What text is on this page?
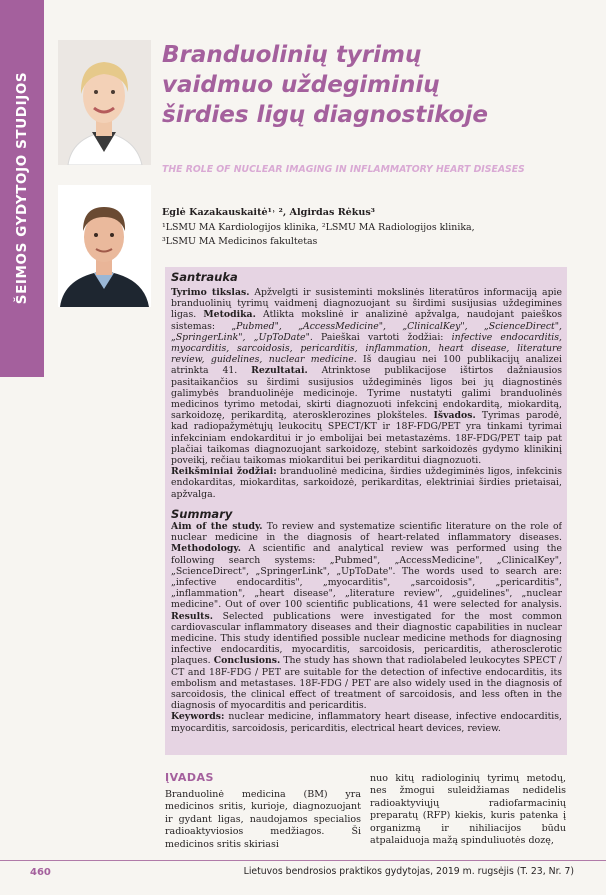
ŠEIMOS GYDYTOJO STUDIJOS
Branduolinių tyrimų
vaidmuo uždegiminių
širdies ligų diagnostikoje
THE ROLE OF NUCLEAR IMAGING IN INFLAMMATORY HEART DISEASES
Eglė Kazakauskaitė¹˒ ², Algirdas Rėkus³
¹LSMU MA Kardiologijos klinika, ²LSMU MA Radiologijos klinika,
³LSMU MA Medicinos fakultetas
Santrauka

Tyrimo tikslas. Apžvelgti ir susisteminti mokslinės literatūros informaciją apie branduolinių tyrimų vaidmenį diagnozuojant su širdimi susijusias uždegimines ligas. Metodika. Atlikta mokslinė ir analizinė apžvalga, naudojant paieškos sistemas: „Pubmed", „AccessMedicine", „ClinicalKey", „ScienceDirect", „SpringerLink", „UpToDate". Paieškai vartoti žodžiai: infective endocarditis, myocarditis, sarcoidosis, pericarditis, inflammation, heart disease, literature review, guidelines, nuclear medicine. Iš daugiau nei 100 publikacijų analizei atrinkta 41. Rezultatai. Atrinktose publikacijose ištirtos dažniausios pasitaikančios su širdimi susijusios uždegiminės ligos bei jų diagnostinės galimybės branduolinėje medicinoje. Tyrime nustatyti galimi branduolinės medicinos tyrimo metodai, skirti diagnozuoti infekcinį endokarditą, miokarditą, sarkoidozę, perikarditą, aterosklerozines plokšteles. Išvados. Tyrimas parodė, kad radiopažymėtųjų leukocitų SPECT/KT ir 18F-FDG/PET yra tinkami tyrimai infekciniam endokarditui ir jo embolijai bei metastazėms. 18F-FDG/PET taip pat plačiai taikomas diagnozuojant sarkoidozę, stebint sarkoidozės gydymo klinikinį poveikį, rečiau taikomas miokarditui bei perikarditui diagnozuoti.
Reikšminiai žodžiai: branduolinė medicina, širdies uždegiminės ligos, infekcinis endokarditas, miokarditas, sarkoidozė, perikarditas, elektriniai širdies prietaisai, apžvalga.

Summary

Aim of the study. To review and systematize scientific literature on the role of nuclear medicine in the diagnosis of heart-related inflammatory diseases. Methodology. A scientific and analytical review was performed using the following search systems: „Pubmed", „AccessMedicine", „ClinicalKey", „ScienceDirect", „SpringerLink", „UpToDate". The words used to search are: „infective endocarditis", „myocarditis", „sarcoidosis", „pericarditis", „inflammation", „heart disease", „literature review", „guidelines", „nuclear medicine". Out of over 100 scientific publications, 41 were selected for analysis. Results. Selected publications were investigated for the most common cardiovascular inflammatory diseases and their diagnostic capabilities in nuclear medicine. This study identified possible nuclear medicine methods for diagnosing infective endocarditis, myocarditis, sarcoidosis, pericarditis, atherosclerotic plaques. Conclusions. The study has shown that radiolabeled leukocytes SPECT / CT and 18F-FDG / PET are suitable for the detection of infective endocarditis, its embolism and metastases. 18F-FDG / PET are also widely used in the diagnosis of sarcoidosis, the clinical effect of treatment of sarcoidosis, and less often in the diagnosis of myocarditis and pericarditis.
Keywords: nuclear medicine, inflammatory heart disease, infective endocarditis, myocarditis, sarcoidosis, pericarditis, electrical heart devices, review.

ĮVADAS

Branduolinė medicina (BM) yra medicinos sritis, kurioje, diagnozuojant ir gydant ligas, naudojamos specialios radioaktyviosios medžiagos. Ši medicinos sritis skiriasi

nuo kitų radiologinių tyrimų metodų, nes žmogui suleidžiamas nedidelis radioaktyviųjų radiofarmacinių preparatų (RFP) kiekis, kuris patenka į organizmą ir nihiliacijos būdu atpalaiduoja mažą spinduliuotės dozę,

460	Lietuvos bendrosios praktikos gydytojas, 2019 m. rugsėjis (T. 23, Nr. 7)
